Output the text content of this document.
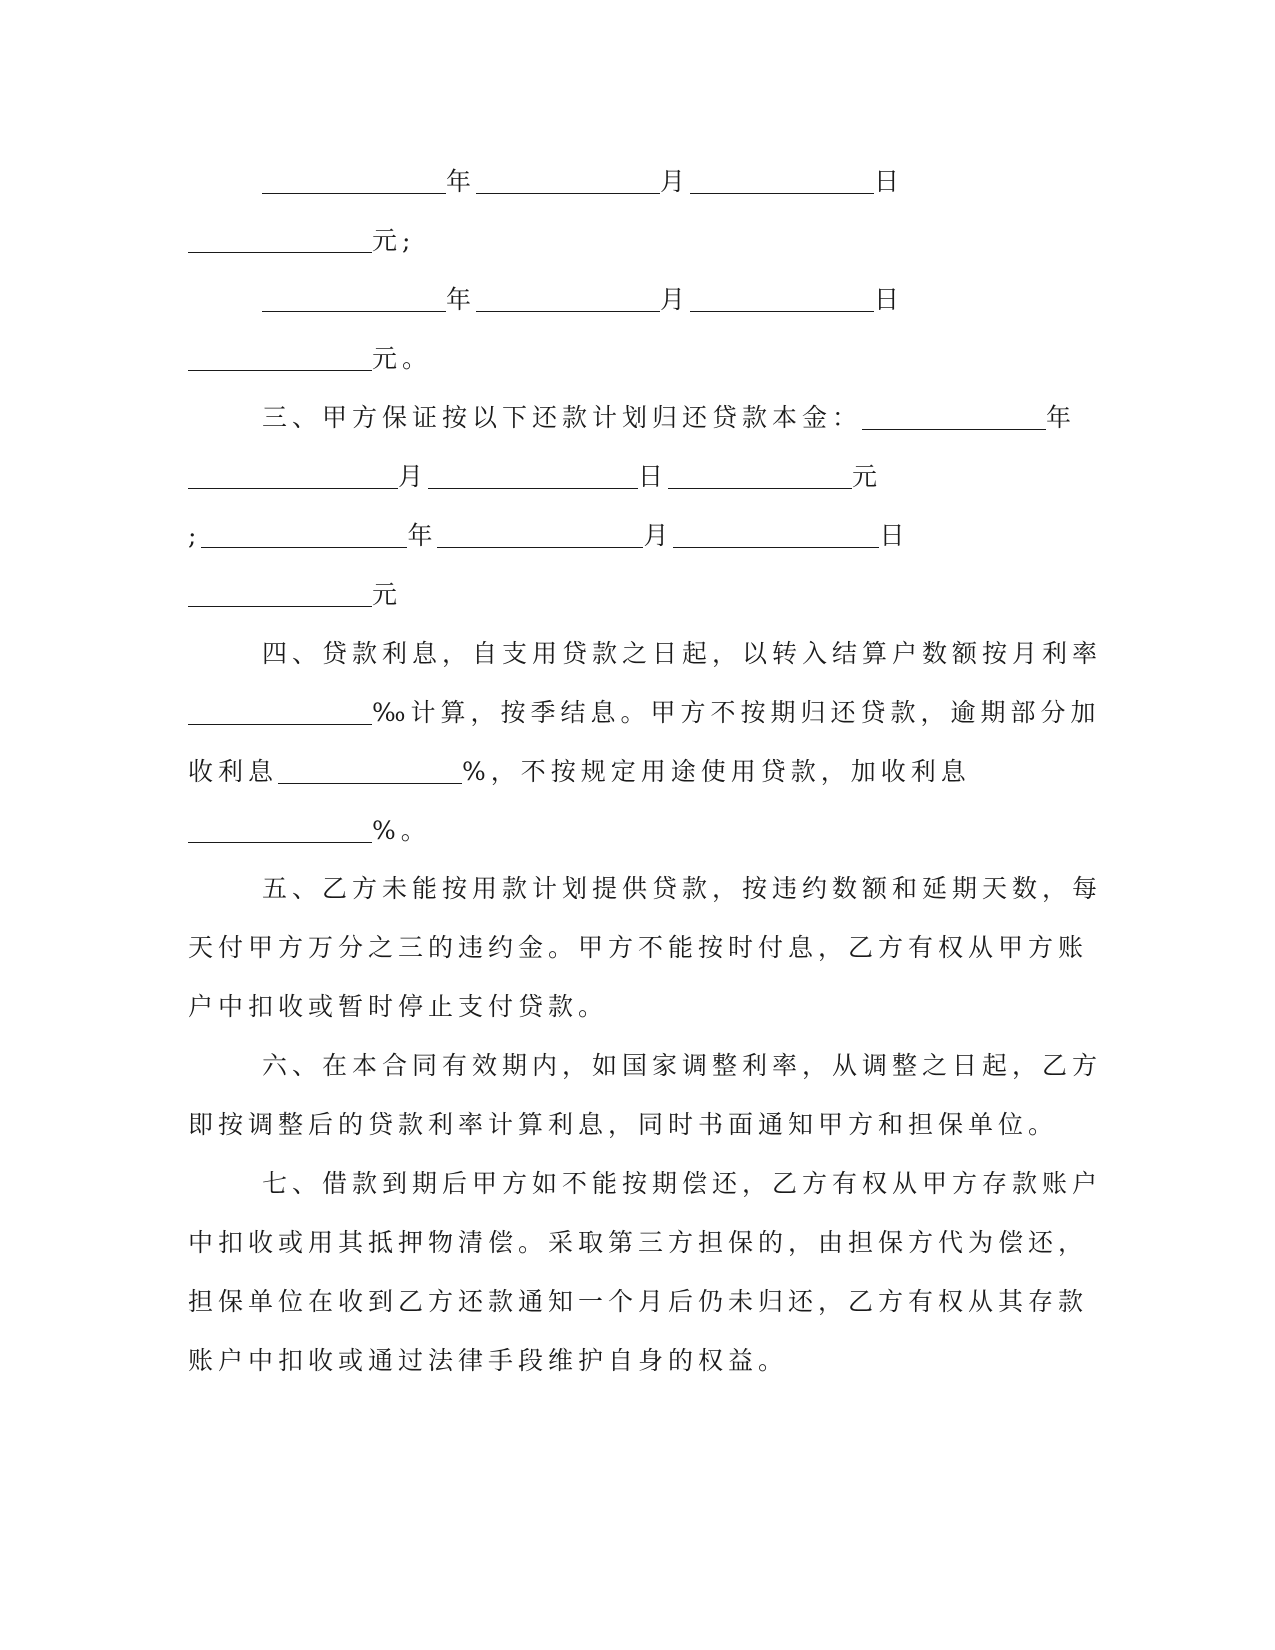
年	月	日
元;
年	月	日
元。
三、甲方保证按以下还款计划归还贷款本金：	年
月	日	元
;	年	月	日
元
四、贷款利息，自支用贷款之日起，以转入结算户数额按月利率
‰计算，按季结息。甲方不按期归还贷款，逾期部分加
收利息	%，不按规定用途使用贷款，加收利息
%。
五、乙方未能按用款计划提供贷款，按违约数额和延期天数，每
天付甲方万分之三的违约金。甲方不能按时付息，乙方有权从甲方账
户中扣收或暂时停止支付贷款。
六、在本合同有效期内，如国家调整利率，从调整之日起，乙方
即按调整后的贷款利率计算利息，同时书面通知甲方和担保单位。
七、借款到期后甲方如不能按期偿还，乙方有权从甲方存款账户
中扣收或用其抵押物清偿。采取第三方担保的，由担保方代为偿还，
担保单位在收到乙方还款通知一个月后仍未归还，乙方有权从其存款
账户中扣收或通过法律手段维护自身的权益。
